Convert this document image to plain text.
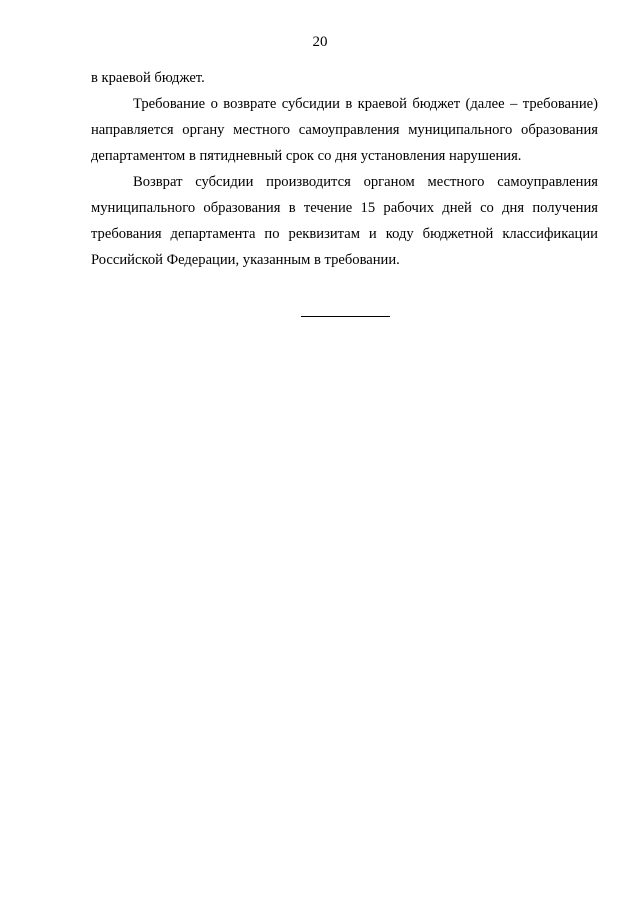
20

в краевой бюджет.

Требование о возврате субсидии в краевой бюджет (далее – требование) направляется органу местного самоуправления муниципального образования департаментом в пятидневный срок со дня установления нарушения.

Возврат субсидии производится органом местного самоуправления муниципального образования в течение 15 рабочих дней со дня получения требования департамента по реквизитам и коду бюджетной классификации Российской Федерации, указанным в требовании.
